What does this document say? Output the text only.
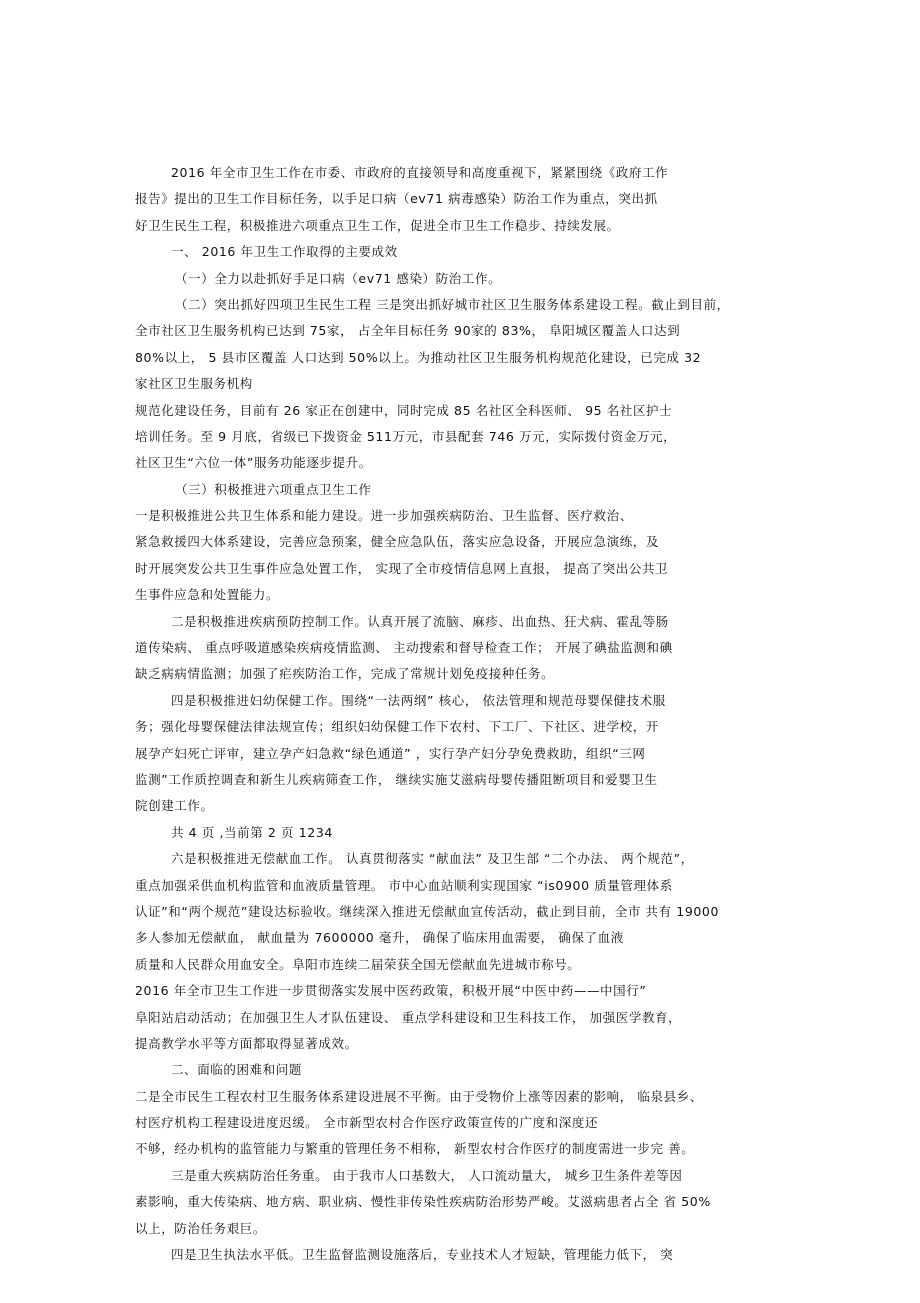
2016 年全市卫生工作在市委、市政府的直接领导和高度重视下，紧紧围绕《政府工作
报告》提出的卫生工作目标任务，以手足口病（ev71 病毒感染）防治工作为重点，突出抓
好卫生民生工程，积极推进六项重点卫生工作，促进全市卫生工作稳步、持续发展。
一、 2016 年卫生工作取得的主要成效
（一）全力以赴抓好手足口病（ev71 感染）防治工作。
（二）突出抓好四项卫生民生工程 三是突出抓好城市社区卫生服务体系建设工程。截止到目前，
全市社区卫生服务机构已达到 75家， 占全年目标任务 90家的 83%， 阜阳城区覆盖人口达到
80%以上， 5 县市区覆盖 人口达到 50%以上。为推动社区卫生服务机构规范化建设，已完成 32
家社区卫生服务机构
规范化建设任务，目前有 26 家正在创建中，同时完成 85 名社区全科医师、 95 名社区护士
培训任务。至 9 月底，省级已下拨资金 511万元，市县配套 746 万元，实际拨付资金万元，
社区卫生“六位一体”服务功能逐步提升。
（三）积极推进六项重点卫生工作
一是积极推进公共卫生体系和能力建设。进一步加强疾病防治、卫生监督、医疗救治、
紧急救援四大体系建设，完善应急预案，健全应急队伍，落实应急设备，开展应急演练，及
时开展突发公共卫生事件应急处置工作， 实现了全市疫情信息网上直报， 提高了突出公共卫
生事件应急和处置能力。
二是积极推进疾病预防控制工作。认真开展了流脑、麻疹、出血热、狂犬病、霍乱等肠
道传染病、 重点呼吸道感染疾病疫情监测、 主动搜索和督导检查工作； 开展了碘盐监测和碘
缺乏病病情监测；加强了疟疾防治工作，完成了常规计划免疫接种任务。
四是积极推进妇幼保健工作。围绕“一法两纲” 核心， 依法管理和规范母婴保健技术服
务；强化母婴保健法律法规宣传；组织妇幼保健工作下农村、下工厂、下社区、进学校，开
展孕产妇死亡评审，建立孕产妇急救“绿色通道” ，实行孕产妇分孕免费救助，组织“三网
监测”工作质控调查和新生儿疾病筛查工作， 继续实施艾滋病母婴传播阻断项目和爱婴卫生
院创建工作。
共 4 页 ,当前第 2 页 1234
六是积极推进无偿献血工作。 认真贯彻落实 “献血法” 及卫生部 “二个办法、 两个规范”，
重点加强采供血机构监管和血液质量管理。 市中心血站顺利实现国家 “is0900 质量管理体系
认证”和“两个规范”建设达标验收。继续深入推进无偿献血宣传活动，截止到目前，全市 共有 19000
多人参加无偿献血， 献血量为 7600000 毫升， 确保了临床用血需要， 确保了血液
质量和人民群众用血安全。阜阳市连续二届荣获全国无偿献血先进城市称号。
2016 年全市卫生工作进一步贯彻落实发展中医药政策，积极开展“中医中药——中国行”
阜阳站启动活动；在加强卫生人才队伍建设、 重点学科建设和卫生科技工作， 加强医学教育，
提高教学水平等方面都取得显著成效。
二、面临的困难和问题
二是全市民生工程农村卫生服务体系建设进展不平衡。由于受物价上涨等因素的影响， 临泉县乡、
村医疗机构工程建设进度迟缓。 全市新型农村合作医疗政策宣传的广度和深度还
不够，经办机构的监管能力与繁重的管理任务不相称， 新型农村合作医疗的制度需进一步完 善。
三是重大疾病防治任务重。 由于我市人口基数大， 人口流动量大， 城乡卫生条件差等因
素影响，重大传染病、地方病、职业病、慢性非传染性疾病防治形势严峻。艾滋病患者占全 省 50%
以上，防治任务艰巨。
四是卫生执法水平低。卫生监督监测设施落后，专业技术人才短缺，管理能力低下， 突
